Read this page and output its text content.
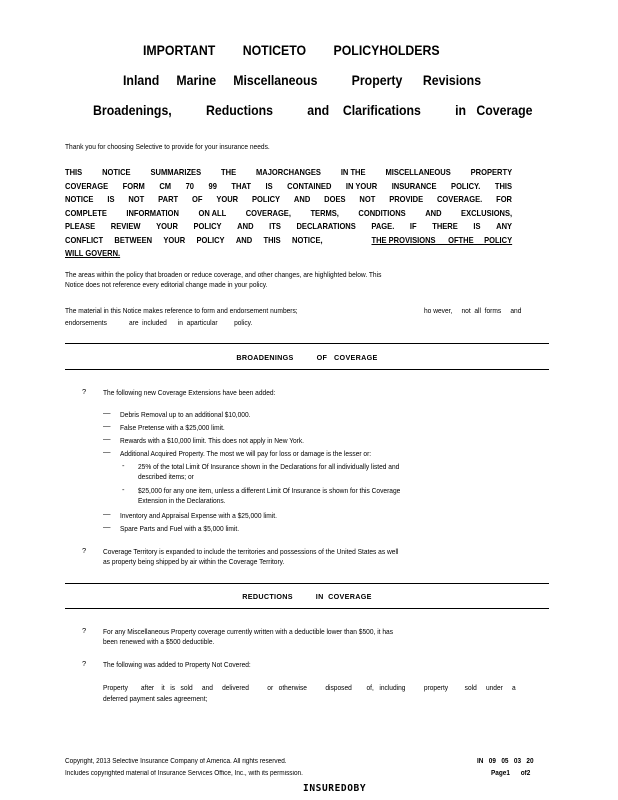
IMPORTANT        NOTICETO        POLICYHOLDERS
Inland     Marine     Miscellaneous          Property      Revisions
Broadenings,          Reductions          and    Clarifications          in   Coverage
Thank you for choosing Selective to provide for your insurance needs.
THIS NOTICE SUMMARIZES THE MAJORCHANGES IN THE MISCELLANEOUS PROPERTY
COVERAGE FORM CM 70 99 THAT IS CONTAINED IN YOUR INSURANCE POLICY. THIS
NOTICE IS NOT PART OF YOUR POLICY AND DOES NOT PROVIDE COVERAGE. FOR
COMPLETE INFORMATION ON ALL COVERAGE, TERMS, CONDITIONS AND EXCLUSIONS,
PLEASE REVIEW YOUR POLICY AND ITS DECLARATIONS PAGE. IF THERE IS ANY
CONFLICT BETWEEN YOUR POLICY AND THIS NOTICE,	THE PROVISIONS      OFTHE     POLICY
WILL GOVERN.
The areas within the policy that broaden or reduce coverage, and other changes, are highlighted below. This
Notice does not reference every editorial change made in your policy.
The material in this Notice makes reference to form and endorsement numbers;	ho wever,     not  all  forms     and
endorsements            are  included      in  aparticular         policy.
BROADENINGS          OF   COVERAGE
? The following new Coverage Extensions have been added:
— Debris Removal up to an additional $10,000.
— False Pretense with a $25,000 limit.
— Rewards with a $10,000 limit. This does not apply in New York.
— Additional Acquired Property. The most we will pay for loss or damage is the lesser or:
- 25% of the total Limit Of Insurance shown in the Declarations for all individually listed and
described items; or
- $25,000 for any one item, unless a different Limit Of Insurance is shown for this Coverage
Extension in the Declarations.
— Inventory and Appraisal Expense with a $25,000 limit.
— Spare Parts and Fuel with a $5,000 limit.
? Coverage Territory is expanded to include the territories and possessions of the United States as well
as property being shipped by air within the Coverage Territory.
REDUCTIONS          IN  COVERAGE
? For any Miscellaneous Property coverage currently written with a deductible lower than $500, it has
been renewed with a $500 deductible.
? The following was added to Property Not Covered:
Property       after    it   is   sold     and     delivered          or   otherwise          disposed        of,   including          property         sold     under     a
deferred payment sales agreement;
Copyright, 2013 Selective Insurance Company of America. All rights reserved.
Includes copyrighted material of Insurance Services Office, Inc., with its permission.
IN   09   05   03   20
Page1      of2
INSUREDOBY
